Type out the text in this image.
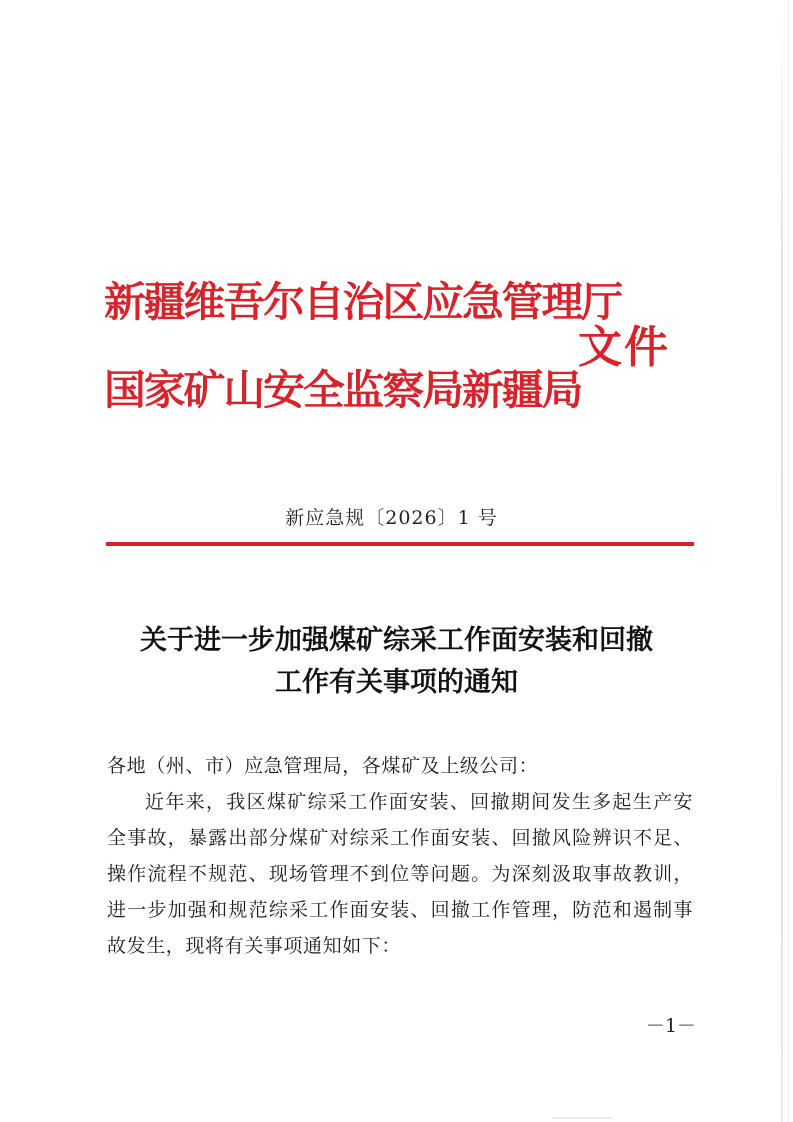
新疆维吾尔自治区应急管理厅
国家矿山安全监察局新疆局
文件
新应急规〔2026〕1 号
关于进一步加强煤矿综采工作面安装和回撤
工作有关事项的通知
各地（州、市）应急管理局，各煤矿及上级公司：
近年来，我区煤矿综采工作面安装、回撤期间发生多起生产安全事故，暴露出部分煤矿对综采工作面安装、回撤风险辨识不足、操作流程不规范、现场管理不到位等问题。为深刻汲取事故教训，进一步加强和规范综采工作面安装、回撤工作管理，防范和遏制事故发生，现将有关事项通知如下：
－1－
